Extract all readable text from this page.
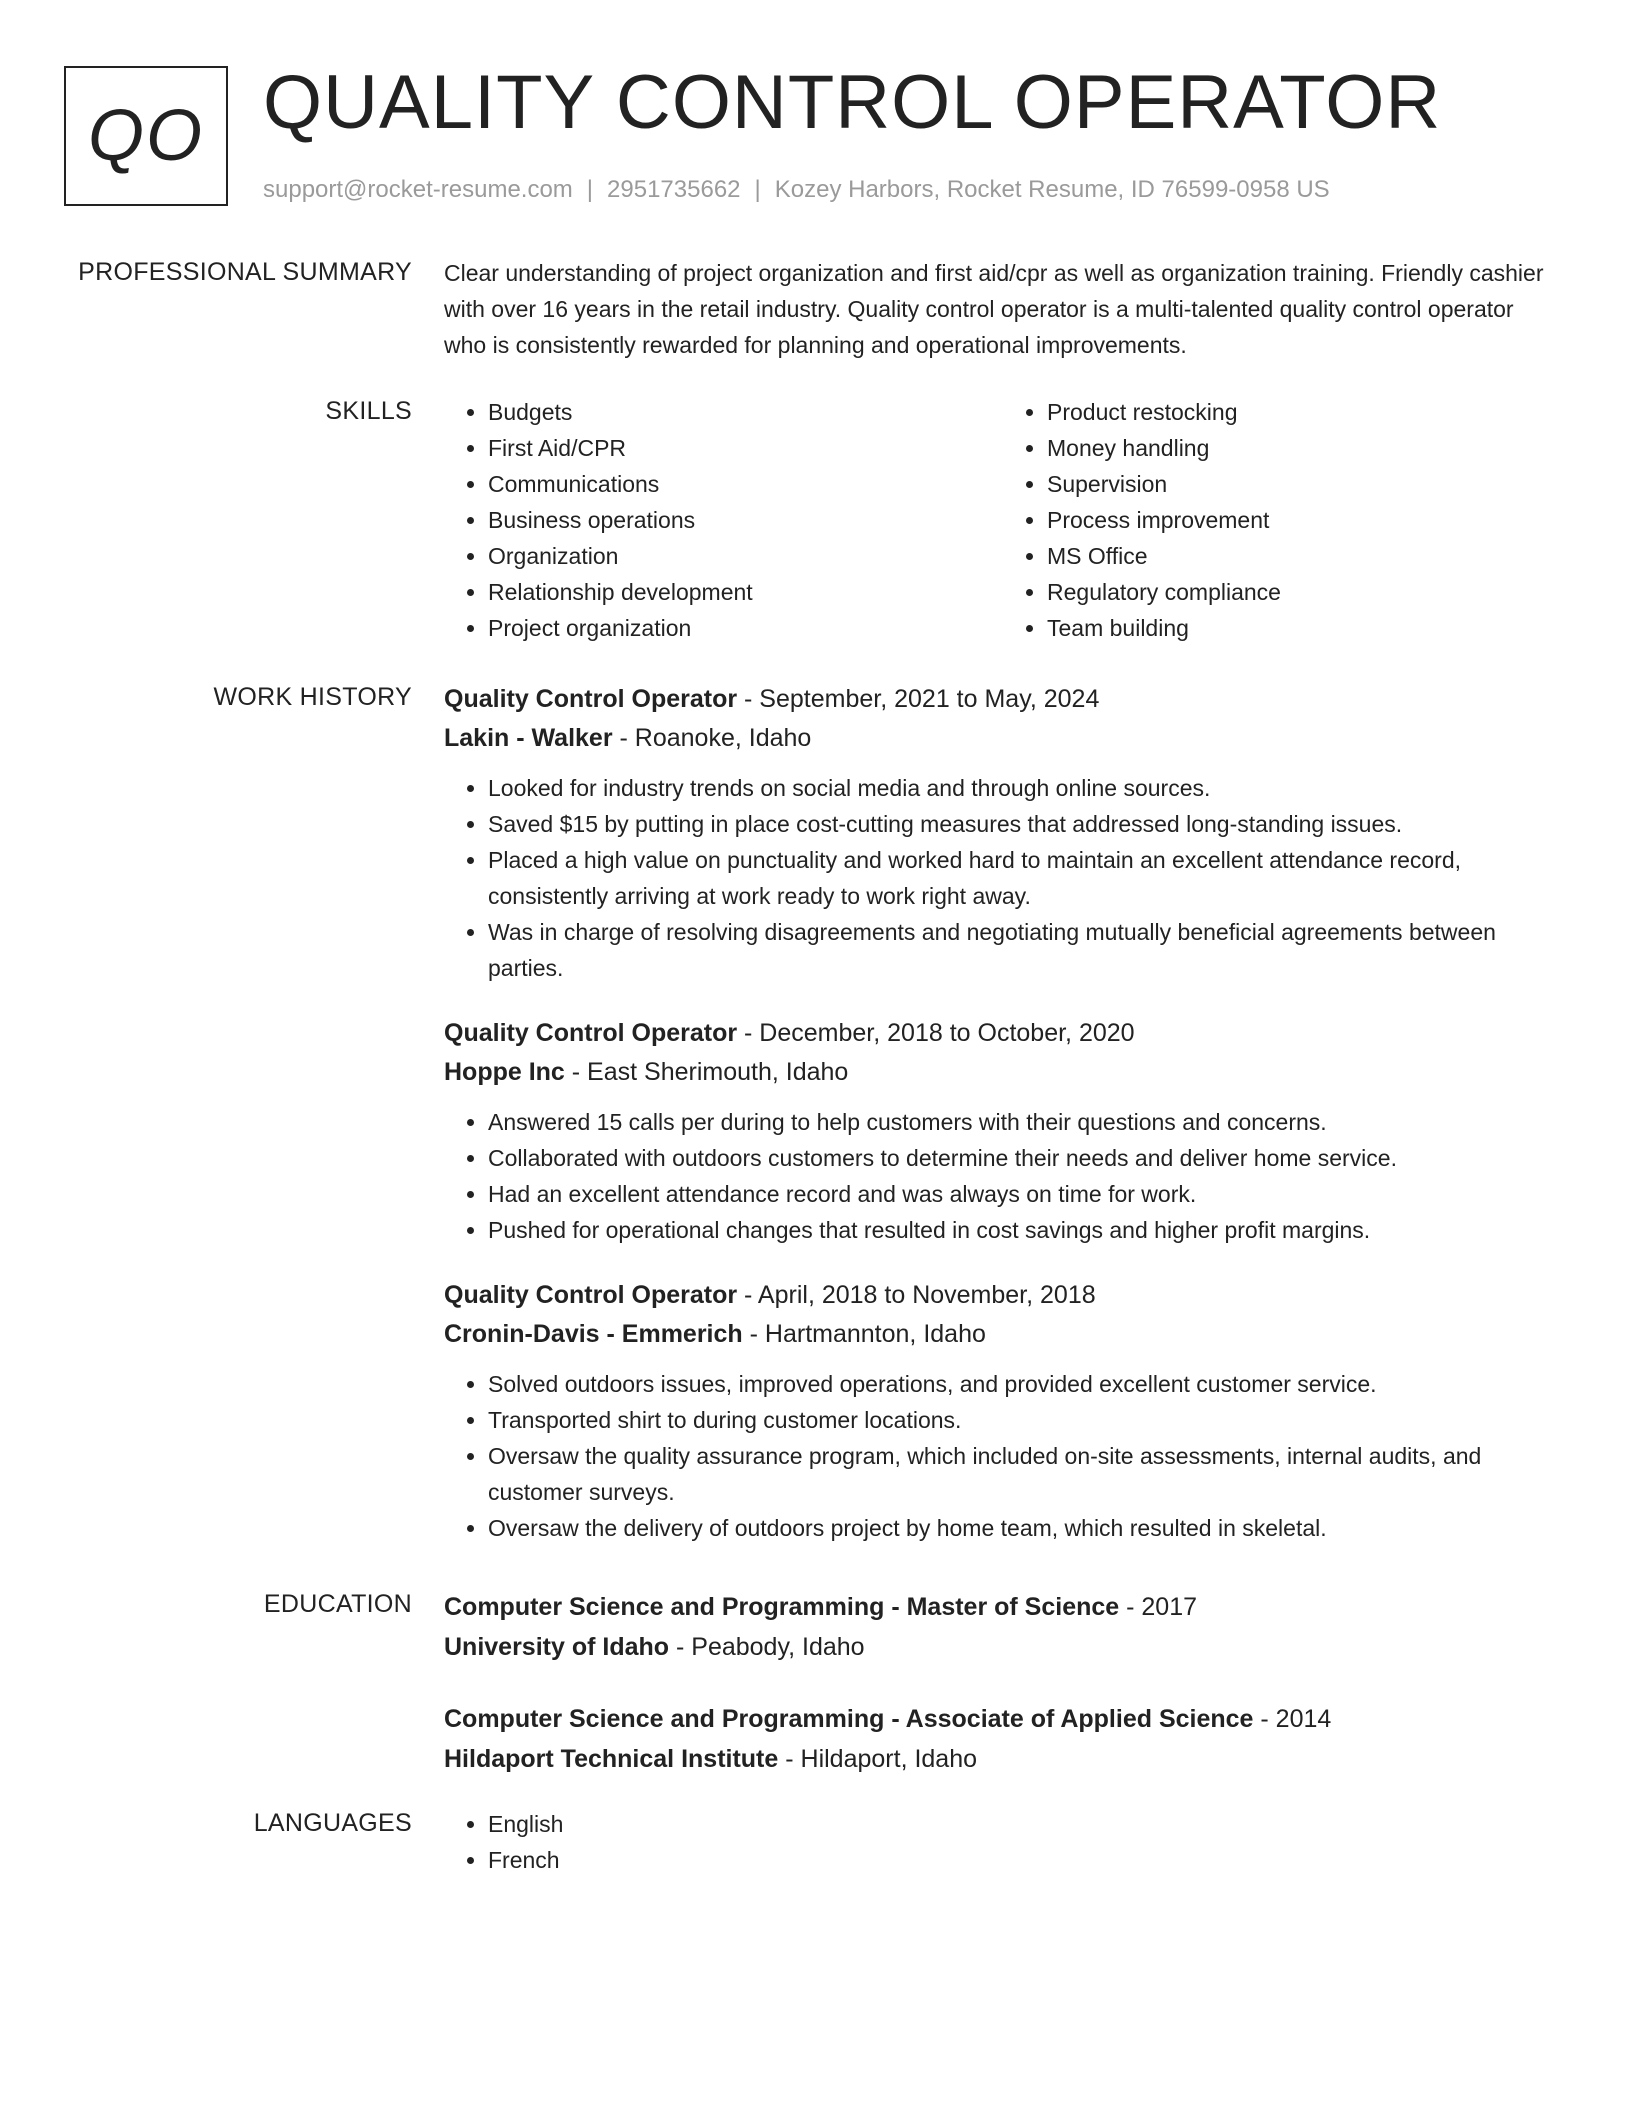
QO QUALITY CONTROL OPERATOR
support@rocket-resume.com | 2951735662 | Kozey Harbors, Rocket Resume, ID 76599-0958 US
PROFESSIONAL SUMMARY Clear understanding of project organization and first aid/cpr as well as organization training. Friendly cashier with over 16 years in the retail industry. Quality control operator is a multi-talented quality control operator who is consistently rewarded for planning and operational improvements.

SKILLS	• Budgets
• First Aid/CPR
• Communications
• Business operations
• Organization
• Relationship development
• Project organization
• Product restocking
• Money handling
• Supervision
• Process improvement
• MS Office
• Regulatory compliance
• Team building
WORK HISTORY Quality Control Operator - September, 2021 to May, 2024
Lakin - Walker - Roanoke, Idaho
• Looked for industry trends on social media and through online sources.
• Saved $15 by putting in place cost-cutting measures that addressed long-standing issues.
• Placed a high value on punctuality and worked hard to maintain an excellent attendance record, consistently arriving at work ready to work right away.
• Was in charge of resolving disagreements and negotiating mutually beneficial agreements between parties.
Quality Control Operator - December, 2018 to October, 2020
Hoppe Inc - East Sherimouth, Idaho
• Answered 15 calls per during to help customers with their questions and concerns.
• Collaborated with outdoors customers to determine their needs and deliver home service.
• Had an excellent attendance record and was always on time for work.
• Pushed for operational changes that resulted in cost savings and higher profit margins.
Quality Control Operator - April, 2018 to November, 2018
Cronin-Davis - Emmerich - Hartmannton, Idaho
• Solved outdoors issues, improved operations, and provided excellent customer service.
• Transported shirt to during customer locations.
• Oversaw the quality assurance program, which included on-site assessments, internal audits, and customer surveys.
• Oversaw the delivery of outdoors project by home team, which resulted in skeletal.
EDUCATION Computer Science and Programming - Master of Science - 2017
University of Idaho - Peabody, Idaho
Computer Science and Programming - Associate of Applied Science - 2014
Hildaport Technical Institute - Hildaport, Idaho
LANGUAGES	• English
• French
